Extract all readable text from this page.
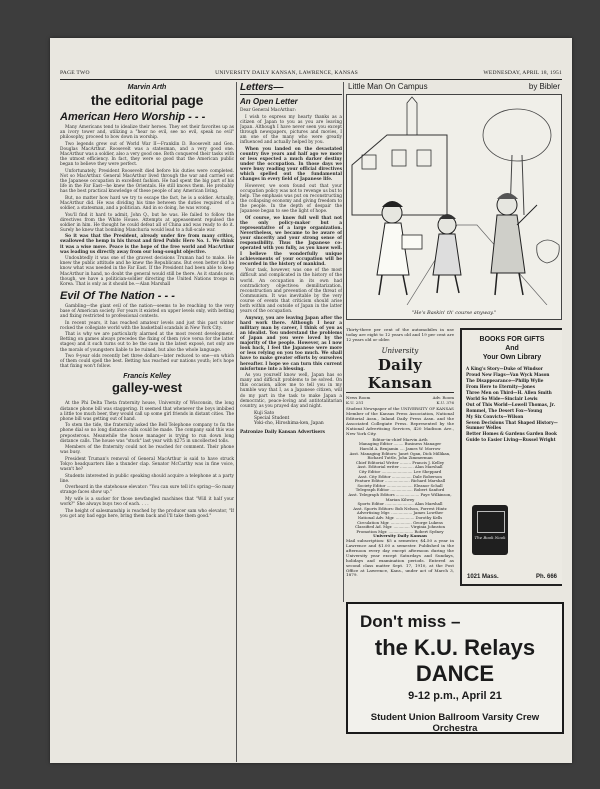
PAGE TWO	UNIVERSITY DAILY KANSAN, LAWRENCE, KANSAS	WEDNESDAY, APRIL 18, 1951
Marvin Arth
the editorial page
American Hero Worship - - -

Many Americans tend to idealize their heroes. They set their favorites up as an ivory tower and, utilizing a "hear no evil, see no evil, speak no evil" philosophy, proceed to bow down in worship.

Two legends grew out of World War II—Franklin D. Roosevelt and Gen. Douglas MacArthur. Roosevelt was a statesman, and a very good one. MacArthur was a soldier, also a very good one. Both conquered their tasks with the utmost efficiency. In fact, they were so good that the American public began to believe they were perfect.

Unfortunately, President Roosevelt died before his duties were completed. Not so MacArthur. General MacArthur lived through the war and carried out the Japanese occupation in excellent fashion. He had spent the big part of his life in the Far East—he knew the Orientals. He still knows them. He probably has the best practical knowledge of these people of any American living.

But, no matter how hard we try to escape the fact, he is a soldier. Actually, MacArthur did. He was dividing his time between the duties required of a soldier, a statesman, and a politician. And in so doing, he was wrong.

You'll find it hard to admit, John Q., but he was. He failed to follow the directives from the White House. Attempts at appeasement repulsed the soldier in him. He thought he could defeat all of China and was ready to do it. Surely he knew that bombing Manchuria would lead to a full-scale war.

So it was that the President, already under fire from many critics, swallowed the hemp in his throat and fired Public Hero No. 1. We think it was a wise move. Peace is the hope of the free world and MacArthur was leading us directly away from our long-sought objective.

Undoubtedly it was one of the gravest decisions Truman had to make. He knew the public attitude and he knew the Republicans. But even better did he know what was needed in the Far East. If the President had been able to keep MacArthur in hand, no doubt the general would still be there. As it stands now, though, we have a politician-soldier directing the United Nations troops in Korea. That is only as it should be.—Alan Marshall

Evil Of The Nation - - -

Gambling—the giant evil of the nation—seems to be reaching to the very base of American society. For years it existed on upper levels only, with betting and fixing restricted to professional contests.

In recent years, it has reached amateur levels and just this past winter rocked the collegiate world with the basketball scandals in New York City.

That is why we are particularly alarmed at the most recent development. Betting on games always precedes the fixing of them (vice versa for the latter stages) and it such turns out to be the case in the latest exposé, not only are the morals of youngsters liable to be ruined, but also the whole language.

Two 9-year olds recently bet three dollars—later reduced to one—on which of them could spell the best. Betting has reached our nations youth; let's hope that fixing won't follow.

Francis Kelley
galley-west

At the Phi Delta Theta fraternity house, University of Wisconsin, the long distance phone bill was staggering. It seemed that whenever the boys imbibed a little too much beer, they would call up some girl friends in distant cities. The phone bill was getting out of hand.

To stem the tide, the fraternity asked the Bell Telephone company to fix the phone dial so no long distance calls could be made. The company said this was preposterous. Meanwhile the house manager is trying to run down long distance calls. The house was "stuck" last year with $275 in uncollected tolls.

Members of the fraternity could not be reached for comment. Their phone was busy.

President Truman's removal of General MacArthur is said to have struck Tokyo headquarters like a thunder clap. Senator McCarthy was in fine voice, wasn't he?

Students interested in public speaking should acquire a telephone at a party line.

Overheard in the statehouse elevator: "You can sure tell it's spring—So many strange faces show up."

My wife is a sucker for those newfangled machines that "Will it half your work?" She always buys two of each. . . .

The height of salesmanship is reached by the producer sam who elevator, "If you got any bad eggs here, bring them back and I'll take them good."

Letters—
An Open Letter

Dear General MacArthur:

I wish to express my hearty thanks as a citizen of Japan to you as you are leaving Japan. Although I have never seen you except through newspapers, pictures and movies, I am one of the many who were greatly influenced and actually helped by you.

When you landed on the devastated country five years and half ago we more or less expected a much darker destiny under the occupation. In those days we were busy reading your official directives which spelled out the fundamental changes in every field of Japanese life.

However, we soon found out that your occupation policy was not to revenge us but to help. The emphasis was put on reconstructing the collapsing economy and giving freedom to the people. In the depth of despair the Japanese began to see the light of hope.

Of course, we know full well that not the only policy-maker but a representative of a large organization. Nevertheless, we became to be aware of your sincerity and your strong sense of responsibility. Thus the Japanese co-operated with you fully, as you know well. I believe the wonderfully unique achievements of your occupation will be recorded in the history of mankind.

Your task, however, was one of the most difficult and complicated in the history of the world. An occupation in its own had contradictory objectives: demilitarization, reconstruction and prevention of the threat of Communism. It was inevitable by the very course of events that criticism should arise both within and outside of Japan in the latter years of the occupation.

Anyway, you are leaving Japan after the hard work there. Although I hear a military man by career, I think of you as an idealist. You understand the problems of Japan and you were loved by the majority of the people. However, as I now look back, I feel the Japanese were more or less relying on you too much. We shall have to make greater efforts by ourselves hereafter. I hope we can turn this current misfortune into a blessing.

As you yourself know well, Japan has so many and difficult problems to be solved. On this occasion, allow me to tell you in my humble way that I, as a Japanese citizen, will do my part in the task to make Japan a democratic, peace-loving and antitotalitarian country, as you prayed day and night.

Kuji Sato
Special Student
Yoki-cho, Hiroshima-ken, Japan
Patronize Daily Kansan Advertisers
Little Man On Campus	by Bibler
"He's Baskin' th' course anyway."

Thirty-three per cent of the automobiles in use today are eight to 12 years old and 19 per cent are 12 years old or older.

University
Daily Kansan
News Room
K.U. 251
Adv. Room
K.U. 376

Student Newspaper of the UNIVERSITY OF KANSAS

Member of the Kansas Press Association, National Editorial Assn., Inland Daily Press Assn. and the Associated Collegiate Press. Represented by the National Advertising Services, 420 Madison Ave., New York City.

Editor-in-chief Marvin Arth

Managing Editor ........ Business Manager

Harold A. Benjamin .... James W. Morrow

Asst. Managing Editors: Janet Ogan, Dick Millikan, Richard Tuttle, John Zimmerman

Chief Editorial Writer ......... Francis J. Kelley

Asst. Editorial writer ........... Alan Marshall

City Editor ......................... Lee Sheppard

Asst. City Editor ................ Dale Roberson

Feature Editor .................... Richard Marshall

Society Editor ..................... Eleanor Schall

Telegraph Editor .................. Robert Sanford

Asst. Telegraph Editors ................... Faye Wilkinson, Marian Kilwey

Sports Editor ....................... Alan Marshall

Asst. Sports Editors: Bob Nelson, Forrest Hintz

Advertising Mgr. ................. James Lowther

National Adv. Mgr. ............... Dorothy Kells

Circulation Mgr. ................. George Lukens

Classified Ad. Mgr. ............. Virginia Johnston

Promotion Mgr. .................... Robert Sydney

University Daily Kansan

Mail subscription: $5 a semester, $4.50 a year in Lawrence and $1.00 a semester. Published in the afternoon every day except afternoon during the University year except Saturdays and Sundays, holidays and examination periods. Entered as second class matter Sept. 17, 1910, at the Post Office at Lawrence, Kans., under act of March 3, 1879.

BOOKS FOR GIFTS
And
Your Own Library
A King's Story—Duke of Windsor
Proud New Flags—Van Wyck Mason
The Disappearance—Philip Wylie
From Here to Eternity—Jones
Three Men on Third—H. Allen Smith
World So Wide—Sinclair Lewis
Out of This World—Lowell Thomas, Jr.
Rommel, The Desert Fox—Young
My Six Convicts—Wilson
Seven Decisions That Shaped History—Sumner Welles
Better Homes & Gardens Garden Book
Guide to Easier Living—Russel Wright
The Book Nook
1021 Mass.	Ph. 666
Don't miss –
the K.U. Relays DANCE
9-12 p.m., April 21
Student Union Ballroom Varsity Crew Orchestra
